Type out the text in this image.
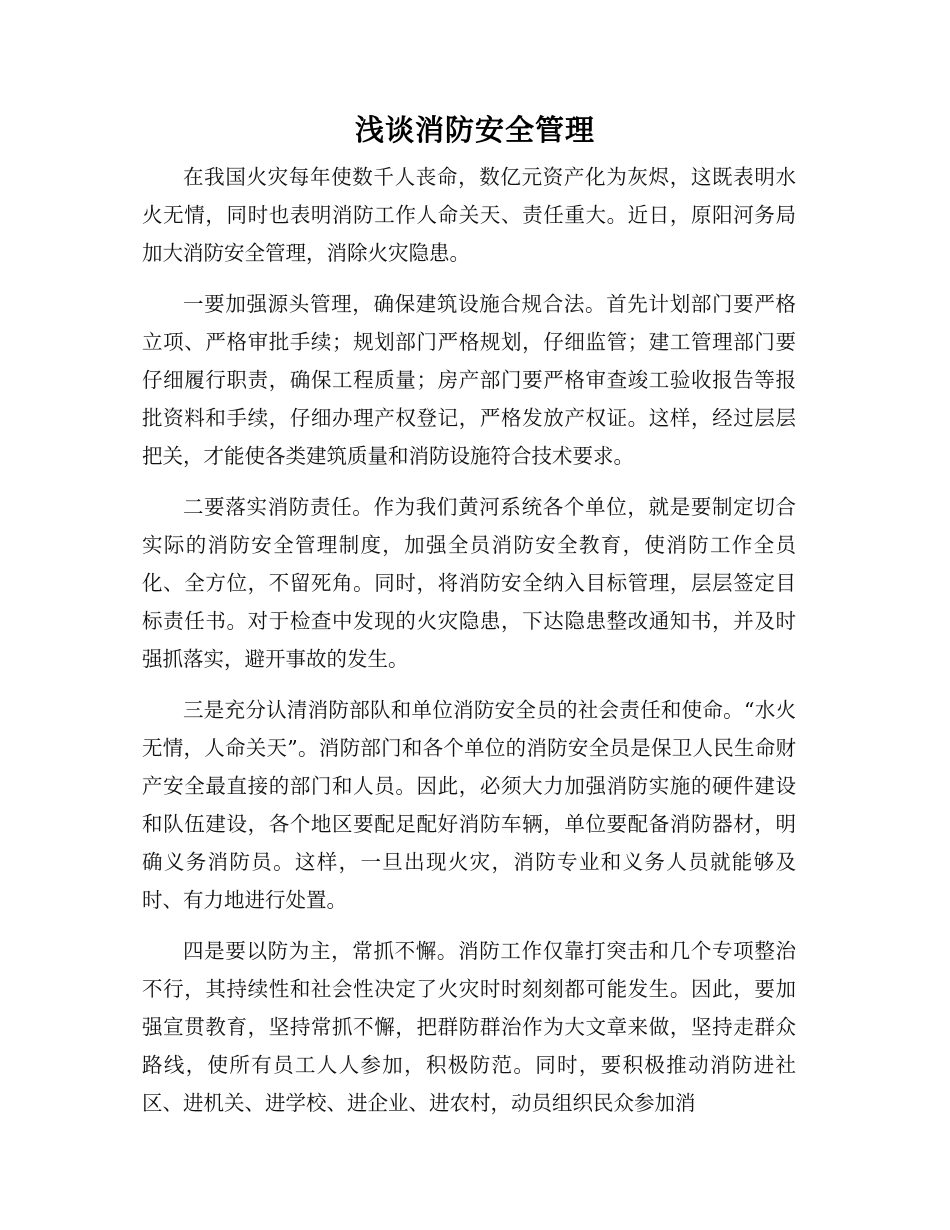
浅谈消防安全管理

在我国火灾每年使数千人丧命，数亿元资产化为灰烬，这既表明水火无情，同时也表明消防工作人命关天、责任重大。近日，原阳河务局加大消防安全管理，消除火灾隐患。

一要加强源头管理，确保建筑设施合规合法。首先计划部门要严格立项、严格审批手续；规划部门严格规划，仔细监管；建工管理部门要仔细履行职责，确保工程质量；房产部门要严格审查竣工验收报告等报批资料和手续，仔细办理产权登记，严格发放产权证。这样，经过层层把关，才能使各类建筑质量和消防设施符合技术要求。

二要落实消防责任。作为我们黄河系统各个单位，就是要制定切合实际的消防安全管理制度，加强全员消防安全教育，使消防工作全员化、全方位，不留死角。同时，将消防安全纳入目标管理，层层签定目标责任书。对于检查中发现的火灾隐患，下达隐患整改通知书，并及时强抓落实，避开事故的发生。

三是充分认清消防部队和单位消防安全员的社会责任和使命。“水火无情，人命关天”。消防部门和各个单位的消防安全员是保卫人民生命财产安全最直接的部门和人员。因此，必须大力加强消防实施的硬件建设和队伍建设，各个地区要配足配好消防车辆，单位要配备消防器材，明确义务消防员。这样，一旦出现火灾，消防专业和义务人员就能够及时、有力地进行处置。

四是要以防为主，常抓不懈。消防工作仅靠打突击和几个专项整治不行，其持续性和社会性决定了火灾时时刻刻都可能发生。因此，要加强宣贯教育，坚持常抓不懈，把群防群治作为大文章来做，坚持走群众路线，使所有员工人人参加，积极防范。同时，要积极推动消防进社区、进机关、进学校、进企业、进农村，动员组织民众参加消
